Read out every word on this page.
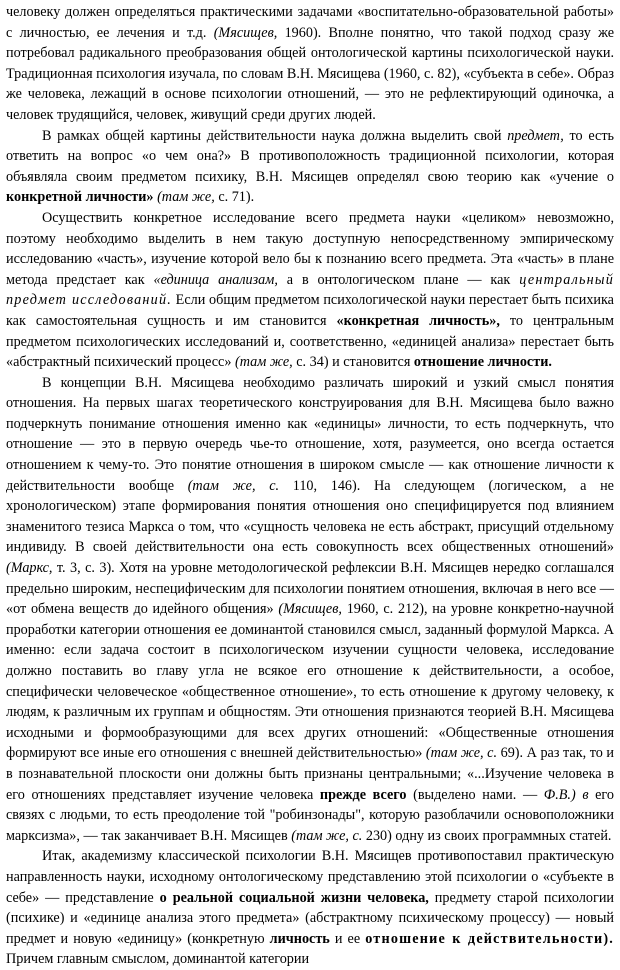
человеку должен определяться практическими задачами «воспитательно-образовательной работы» с личностью, ее лечения и т.д. (Мясищев, 1960). Вполне понятно, что такой подход сразу же потребовал радикального преобразования общей онтологической картины психологической науки. Традиционная психология изучала, по словам В.Н. Мясищева (1960, с. 82), «субъекта в себе». Образ же человека, лежащий в основе психологии отношений, — это не рефлектирующий одиночка, а человек трудящийся, человек, живущий среди других людей.

В рамках общей картины действительности наука должна выделить свой предмет, то есть ответить на вопрос «о чем она?» В противоположность традиционной психологии, которая объявляла своим предметом психику, В.Н. Мясищев определял свою теорию как «учение о конкретной личности» (там же, с. 71).

Осуществить конкретное исследование всего предмета науки «целиком» невозможно, поэтому необходимо выделить в нем такую доступную непосредственному эмпирическому исследованию «часть», изучение которой вело бы к познанию всего предмета. Эта «часть» в плане метода предстает как «единица анализам, а в онтологическом плане — как центральный предмет исследований. Если общим предметом психологической науки перестает быть психика как самостоятельная сущность и им становится «конкретная личность», то центральным предметом психологических исследований и, соответственно, «единицей анализа» перестает быть «абстрактный психический процесс» (там же, с. 34) и становится отношение личности.

В концепции В.Н. Мясищева необходимо различать широкий и узкий смысл понятия отношения. На первых шагах теоретического конструирования для В.Н. Мясищева было важно подчеркнуть понимание отношения именно как «единицы» личности, то есть подчеркнуть, что отношение — это в первую очередь чье-то отношение, хотя, разумеется, оно всегда остается отношением к чему-то. Это понятие отношения в широком смысле — как отношение личности к действительности вообще (там же, с. 110, 146). На следующем (логическом, а не хронологическом) этапе формирования понятия отношения оно специфицируется под влиянием знаменитого тезиса Маркса о том, что «сущность человека не есть абстракт, присущий отдельному индивиду. В своей действительности она есть совокупность всех общественных отношений» (Маркс, т. 3, с. 3). Хотя на уровне методологической рефлексии В.Н. Мясищев нередко соглашался предельно широким, неспецифическим для психологии понятием отношения, включая в него все — «от обмена веществ до идейного общения» (Мясищев, 1960, с. 212), на уровне конкретно-научной проработки категории отношения ее доминантой становился смысл, заданный формулой Маркса. А именно: если задача состоит в психологическом изучении сущности человека, исследование должно поставить во главу угла не всякое его отношение к действительности, а особое, специфически человеческое «общественное отношение», то есть отношение к другому человеку, к людям, к различным их группам и общностям. Эти отношения признаются теорией В.Н. Мясищева исходными и формообразующими для всех других отношений: «Общественные отношения формируют все иные его отношения с внешней действительностью» (там же, с. 69). А раз так, то и в познавательной плоскости они должны быть признаны центральными; «...Изучение человека в его отношениях представляет изучение человека прежде всего (выделено нами. — Ф.В.) в его связях с людьми, то есть преодоление той "робинзонады", которую разоблачили основоположники марксизма», — так заканчивает В.Н. Мясищев (там же, с. 230) одну из своих программных статей.

Итак, академизму классической психологии В.Н. Мясищев противопоставил практическую направленность науки, исходному онтологическому представлению этой психологии о «субъекте в себе» — представление о реальной социальной жизни человека, предмету старой психологии (психике) и «единице анализа этого предмета» (абстрактному психическому процессу) — новый предмет и новую «единицу» (конкретную личность и ее отношение к действительности). Причем главным смыслом, доминантой категории
